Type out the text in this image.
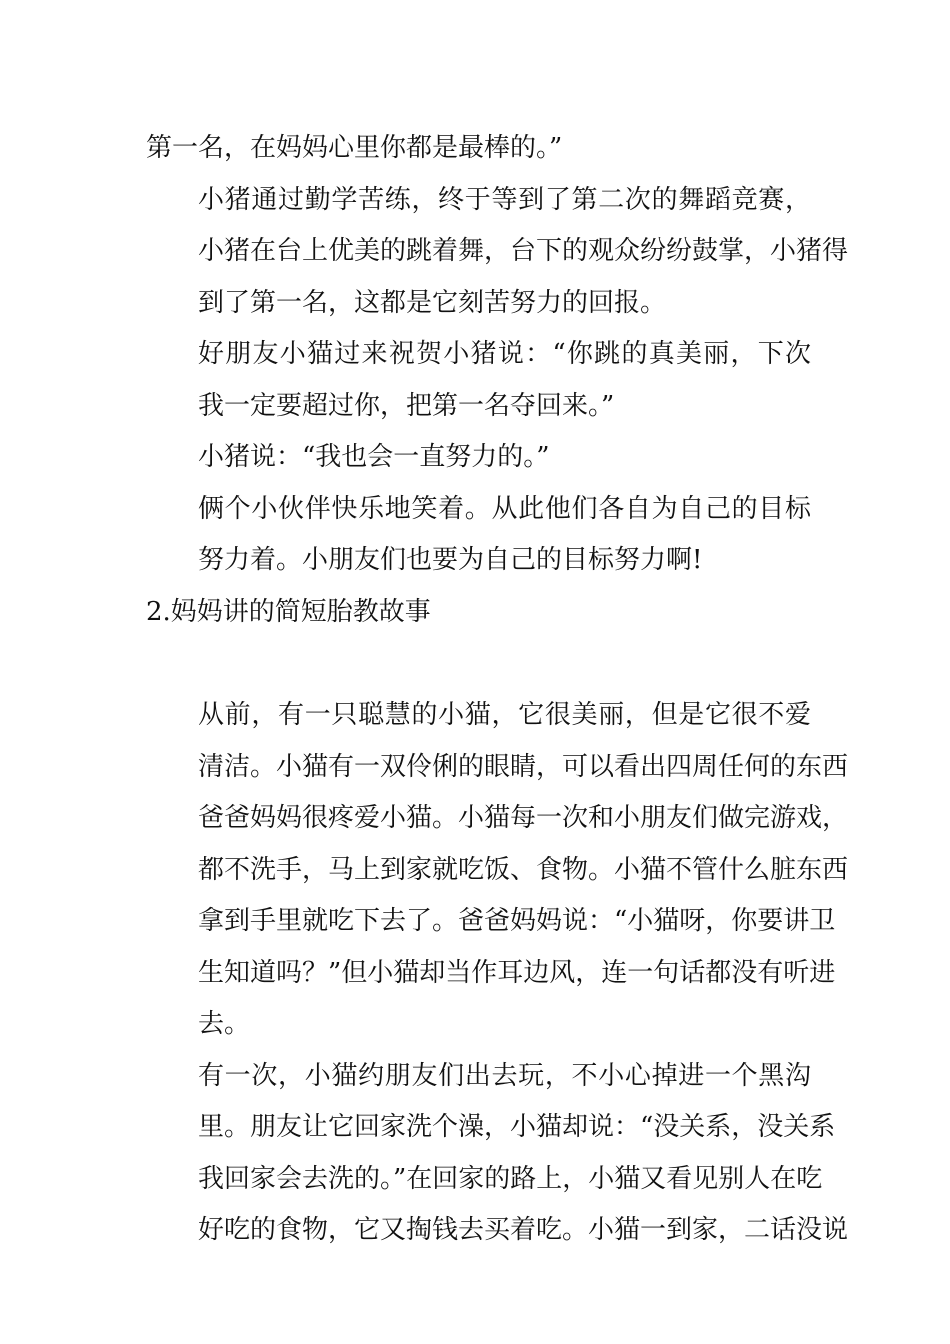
第一名，在妈妈心里你都是最棒的。”

小猪通过勤学苦练，终于等到了第二次的舞蹈竞赛，
小猪在台上优美的跳着舞，台下的观众纷纷鼓掌，小猪得
到了第一名，这都是它刻苦努力的回报。

好朋友小猫过来祝贺小猪说：“你跳的真美丽，下次
我一定要超过你，把第一名夺回来。”

小猪说：“我也会一直努力的。”

俩个小伙伴快乐地笑着。从此他们各自为自己的目标
努力着。小朋友们也要为自己的目标努力啊!

2.妈妈讲的简短胎教故事

从前，有一只聪慧的小猫，它很美丽，但是它很不爱
清洁。小猫有一双伶俐的眼睛，可以看出四周任何的东西
爸爸妈妈很疼爱小猫。小猫每一次和小朋友们做完游戏，
都不洗手，马上到家就吃饭、食物。小猫不管什么脏东西
拿到手里就吃下去了。爸爸妈妈说：“小猫呀，你要讲卫
生知道吗？”但小猫却当作耳边风，连一句话都没有听进
去。

有一次，小猫约朋友们出去玩，不小心掉进一个黑沟
里。朋友让它回家洗个澡，小猫却说：“没关系，没关系
我回家会去洗的。”在回家的路上，小猫又看见别人在吃
好吃的食物，它又掏钱去买着吃。小猫一到家，二话没说
